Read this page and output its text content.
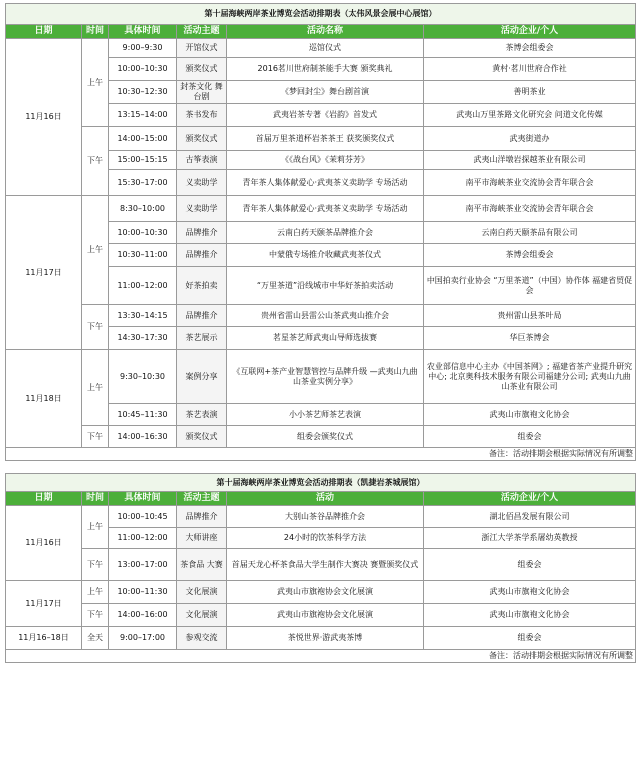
第十届海峡两岸茶业博览会活动排期表（太伟风景会展中心展馆）					
日期	时间	具体时间	活动主题	活动名称	活动企业/个人
11月16日	上午	9:00–9:30	开馆仪式	巡馆仪式	茶博会组委会
		10:00–10:30	颁奖仪式	2016茗川世府制茶能手大赛 颁奖典礼	黄村·茗川世府合作社
		10:30–12:30	封茶文化 舞台剧	《梦回封尘》舞台剧首演	善明茶业
		13:15–14:00	茶书发布	武夷岩茶专著《岩韵》首发式	武夷山万里茶路文化研究会 问道文化传媒
	下午	14:00–15:00	颁奖仪式	首届万里茶道杯岩茶茶王 获奖颁奖仪式	武夷街道办
		15:00–15:15	古筝表演	《《战台风》《茉莉芬芳》	武夷山洋墩岩探越茶业有限公司
		15:30–17:00	义卖助学	青年茶人集体献爱心·武夷茶义卖助学 专场活动	南平市海峡茶业交流协会青年联合会
11月17日	上午	8:30–10:00	义卖助学	青年茶人集体献爱心·武夷茶义卖助学 专场活动	南平市海峡茶业交流协会青年联合会
		10:00–10:30	品牌推介	云南白药天颐茶品牌推介会	云南白药天颐茶品有限公司
		10:30–11:00	品牌推介	中蒙俄专场推介收藏武夷茶仪式	茶博会组委会
		11:00–12:00	好茶拍卖	“万里茶道”沿线城市中华好茶拍卖活动	中国拍卖行业协会 “万里茶道”（中国）协作体 福建省贸促会
	下午	13:30–14:15	品牌推介	贵州省雷山县雷公山茶武夷山推介会	贵州雷山县茶叶局
		14:30–17:30	茶艺展示	茗星茶艺师武夷山导师选拔赛	华巨茶博会
11月18日	上午	9:30–10:30	案例分享	《互联网+茶产业智慧管控与品牌升级 —武夷山九曲山茶业实例分享》	农业部信息中心主办《中国茶网》; 福建省茶产业提升研究中心; 北京奥科技术服务有限公司福建分公司; 武夷山九曲山茶业有限公司
		10:45–11:30	茶艺表演	小小茶艺师茶艺表演	武夷山市旗袍文化协会
	下午	14:00–16:30	颁奖仪式	组委会颁奖仪式	组委会
备注：活动排期会根据实际情况有所调整					
第十届海峡两岸茶业博览会活动排期表（凯捷岩茶城展馆）					
日期	时间	具体时间	活动主题	活动	活动企业/个人
11月16日	上午	10:00–10:45	品牌推介	大别山茶谷品牌推介会	湖北佰昌发展有限公司
		11:00–12:00	大师讲座	24小时的饮茶科学方法	浙江大学茶学系屠幼英教授
	下午	13:00–17:00	茶食品 大赛	首届天龙心杯茶食品大学生制作大赛决 赛暨颁奖仪式	组委会
11月17日	上午	10:00–11:30	文化展演	武夷山市旗袍协会文化展演	武夷山市旗袍文化协会
	下午	14:00–16:00	文化展演	武夷山市旗袍协会文化展演	武夷山市旗袍文化协会
11月16–18日	全天	9:00–17:00	参观交流	茶悦世界·游武夷茶博	组委会
备注：活动排期会根据实际情况有所调整					
